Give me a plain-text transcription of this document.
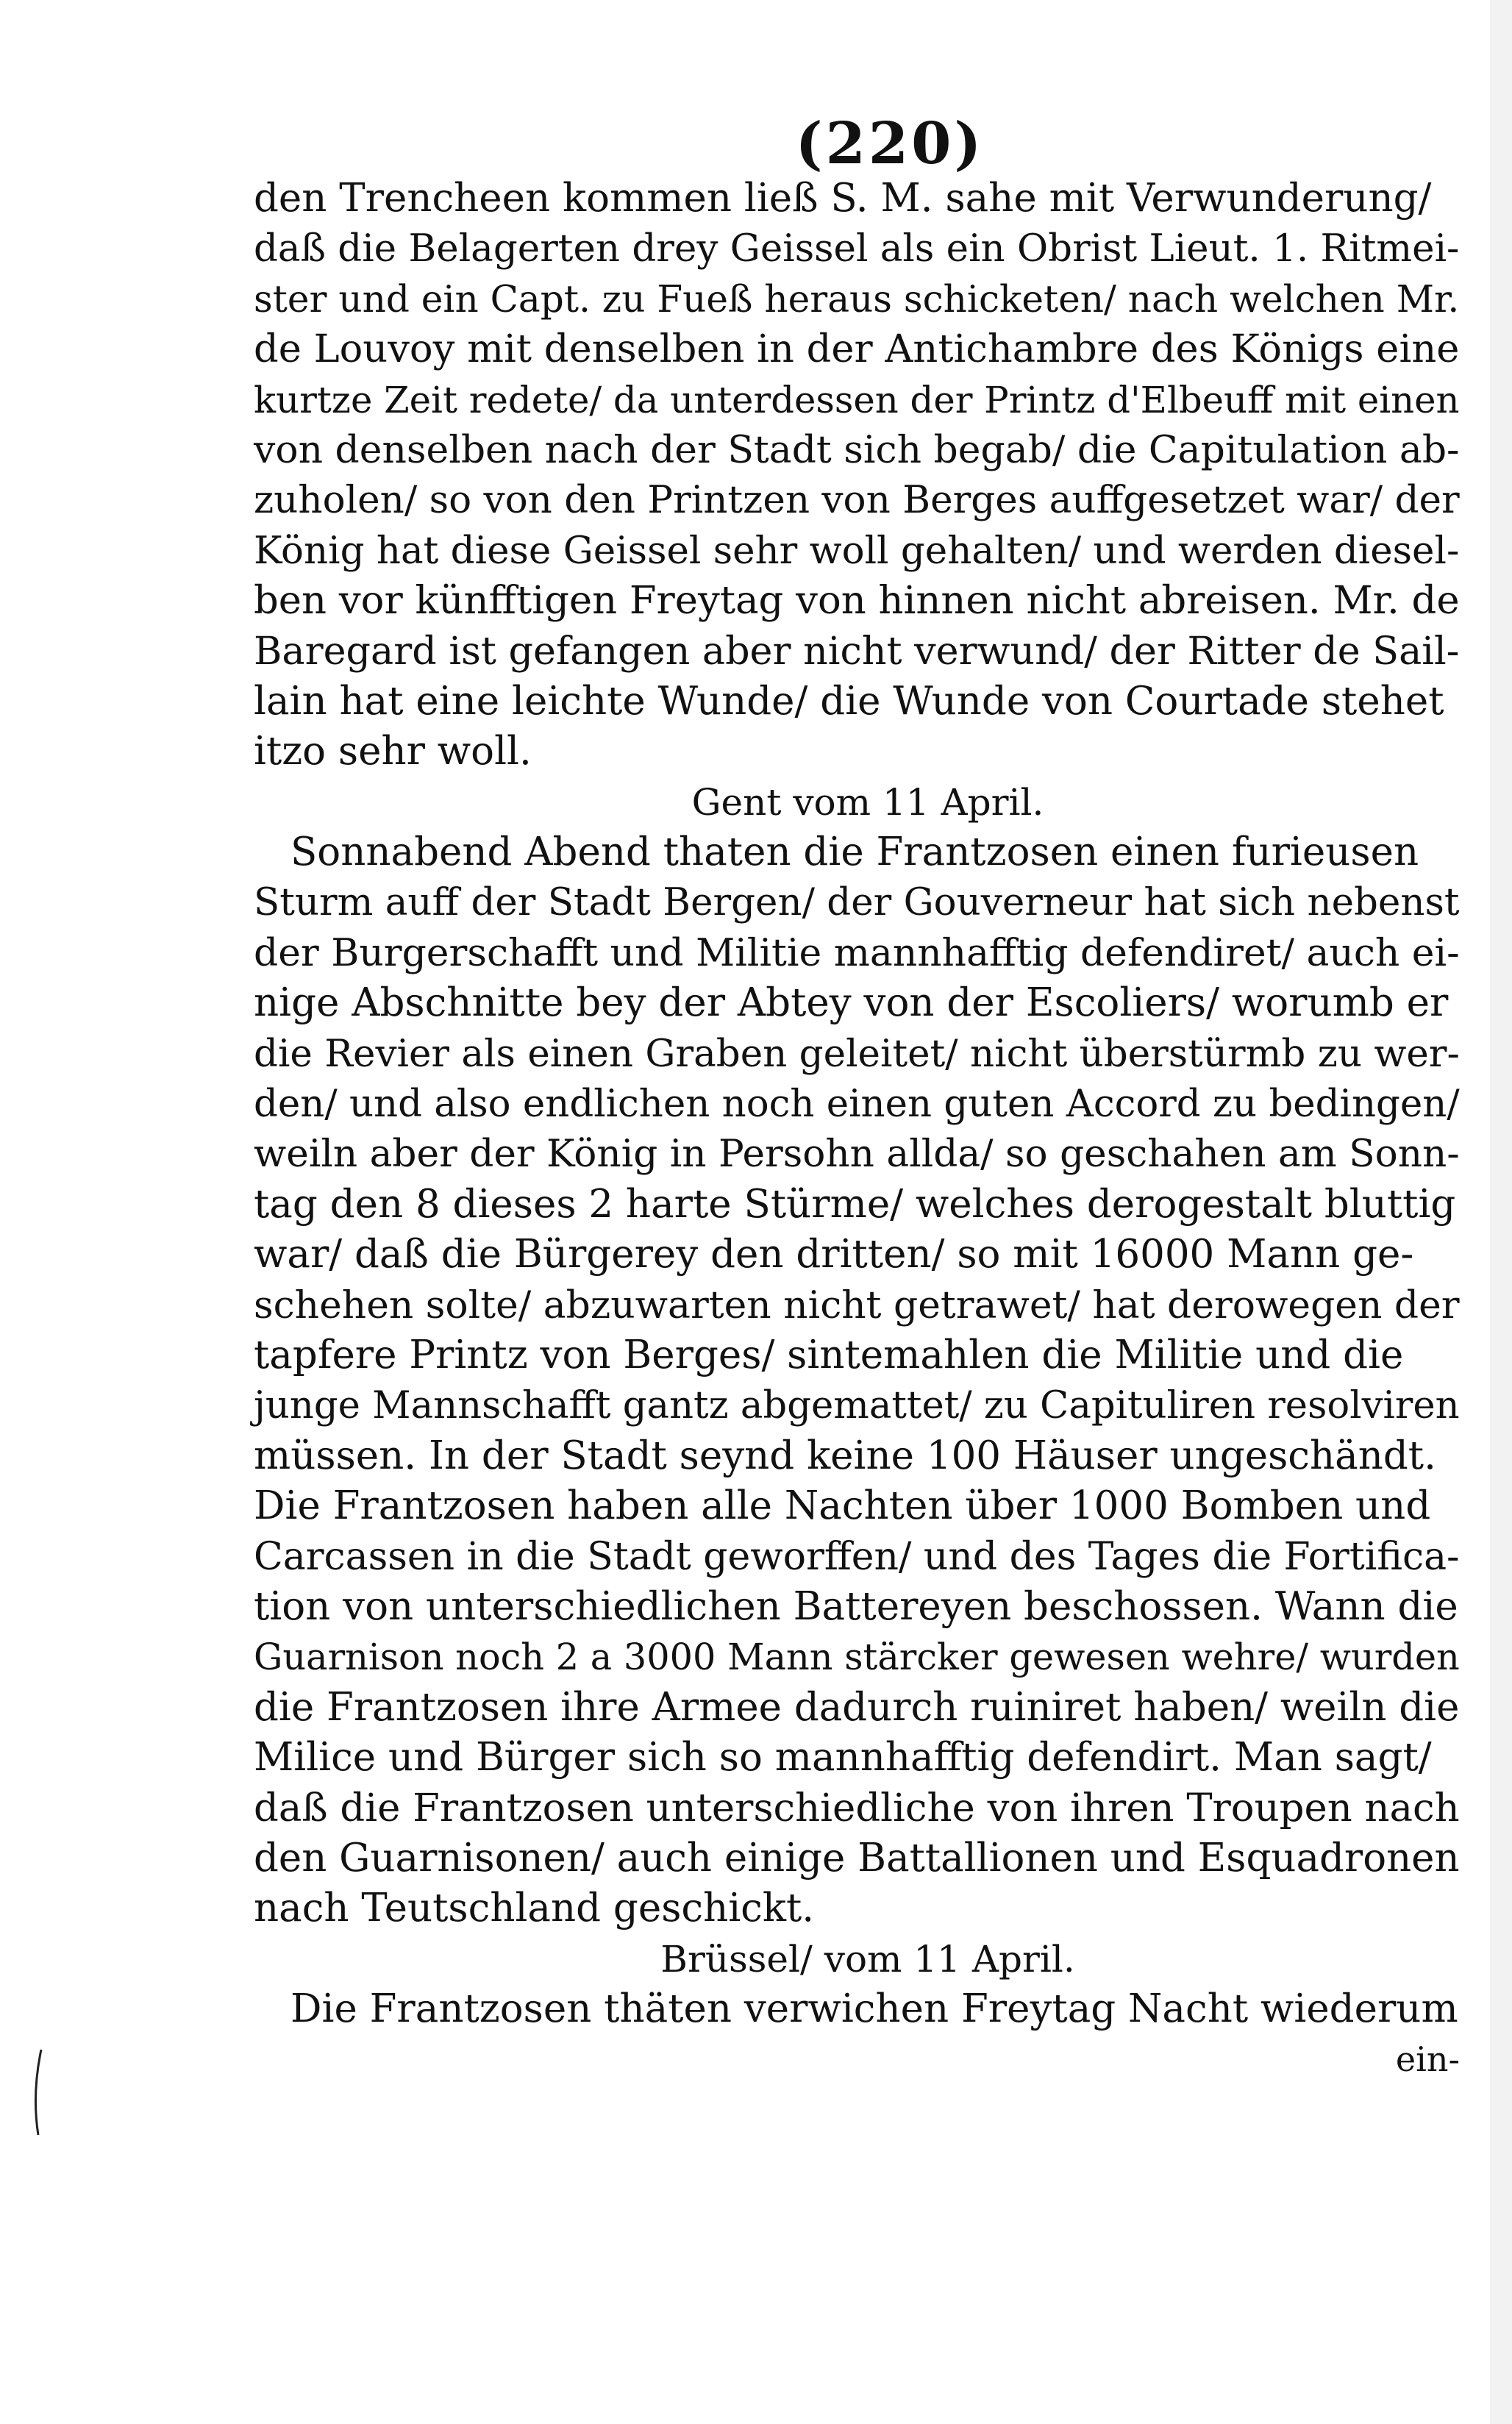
(220)
den Trencheen kommen ließ S. M. sahe mit Verwunderung/
daß die Belagerten drey Geissel als ein Obrist Lieut. 1. Ritmei-
ster und ein Capt. zu Fueß heraus schicketen/ nach welchen Mr.
de Louvoy mit denselben in der Antichambre des Königs eine
kurtze Zeit redete/ da unterdessen der Printz d'Elbeuff mit einen
von denselben nach der Stadt sich begab/ die Capitulation ab-
zuholen/ so von den Printzen von Berges auffgesetzet war/ der
König hat diese Geissel sehr woll gehalten/ und werden diesel-
ben vor künfftigen Freytag von hinnen nicht abreisen. Mr. de
Baregard ist gefangen aber nicht verwund/ der Ritter de Sail-
lain hat eine leichte Wunde/ die Wunde von Courtade stehet
itzo sehr woll.
Gent vom 11 April.
Sonnabend Abend thaten die Frantzosen einen furieusen
Sturm auff der Stadt Bergen/ der Gouverneur hat sich nebenst
der Burgerschafft und Militie mannhafftig defendiret/ auch ei-
nige Abschnitte bey der Abtey von der Escoliers/ worumb er
die Revier als einen Graben geleitet/ nicht überstürmb zu wer-
den/ und also endlichen noch einen guten Accord zu bedingen/
weiln aber der König in Persohn allda/ so geschahen am Sonn-
tag den 8 dieses 2 harte Stürme/ welches derogestalt bluttig
war/ daß die Bürgerey den dritten/ so mit 16000 Mann ge-
schehen solte/ abzuwarten nicht getrawet/ hat derowegen der
tapfere Printz von Berges/ sintemahlen die Militie und die
junge Mannschafft gantz abgemattet/ zu Capituliren resolviren
müssen. In der Stadt seynd keine 100 Häuser ungeschändt.
Die Frantzosen haben alle Nachten über 1000 Bomben und
Carcassen in die Stadt geworffen/ und des Tages die Fortifica-
tion von unterschiedlichen Battereyen beschossen. Wann die
Guarnison noch 2 a 3000 Mann stärcker gewesen wehre/ wurden
die Frantzosen ihre Armee dadurch ruiniret haben/ weiln die
Milice und Bürger sich so mannhafftig defendirt. Man sagt/
daß die Frantzosen unterschiedliche von ihren Troupen nach
den Guarnisonen/ auch einige Battallionen und Esquadronen
nach Teutschland geschickt.
Brüssel/ vom 11 April.
Die Frantzosen thäten verwichen Freytag Nacht wiederum
ein-
